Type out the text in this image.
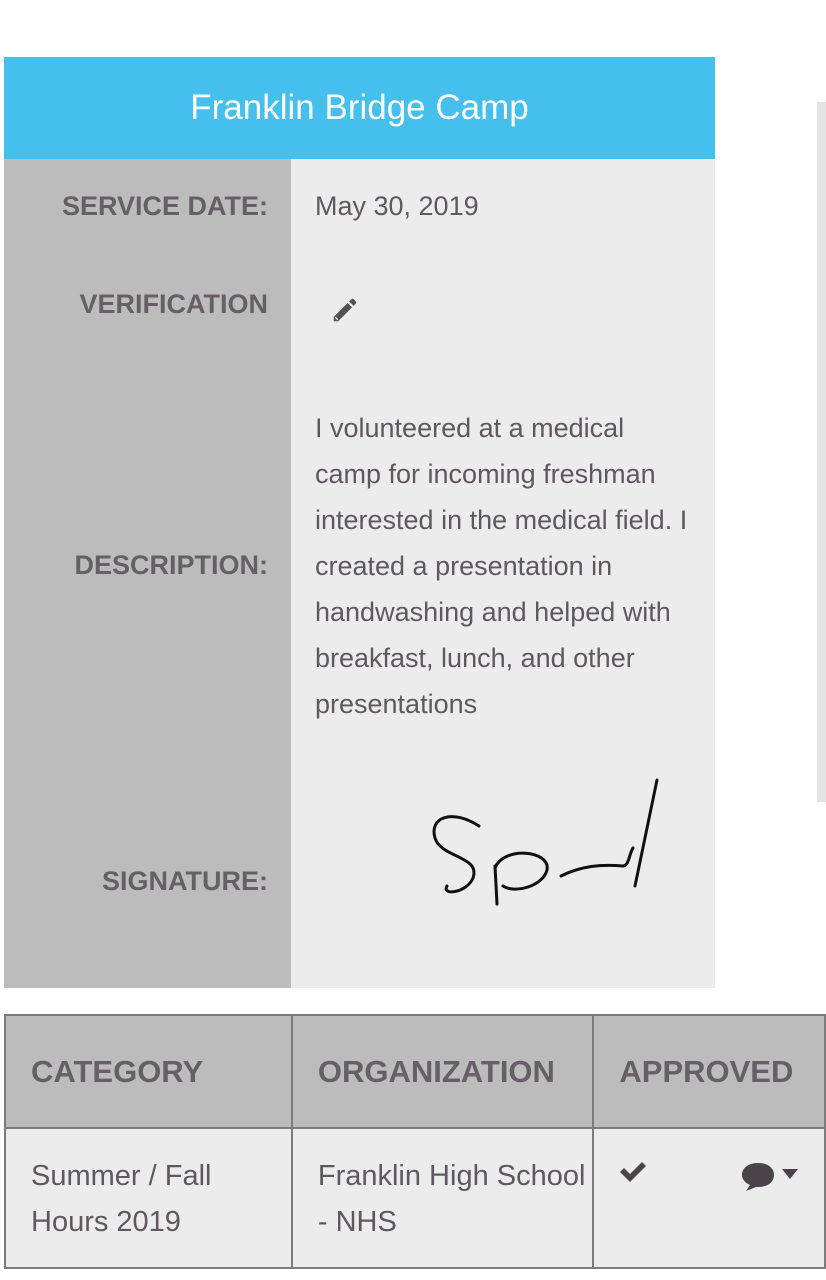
Franklin Bridge Camp
SERVICE DATE:	May 30, 2019
VERIFICATION
DESCRIPTION:
I volunteered at a medical camp for incoming freshman interested in the medical field. I created a presentation in handwashing and helped with breakfast, lunch, and other presentations
SIGNATURE:
CATEGORY	ORGANIZATION	APPROVED
Summer / Fall Hours 2019	Franklin High School - NHS	
